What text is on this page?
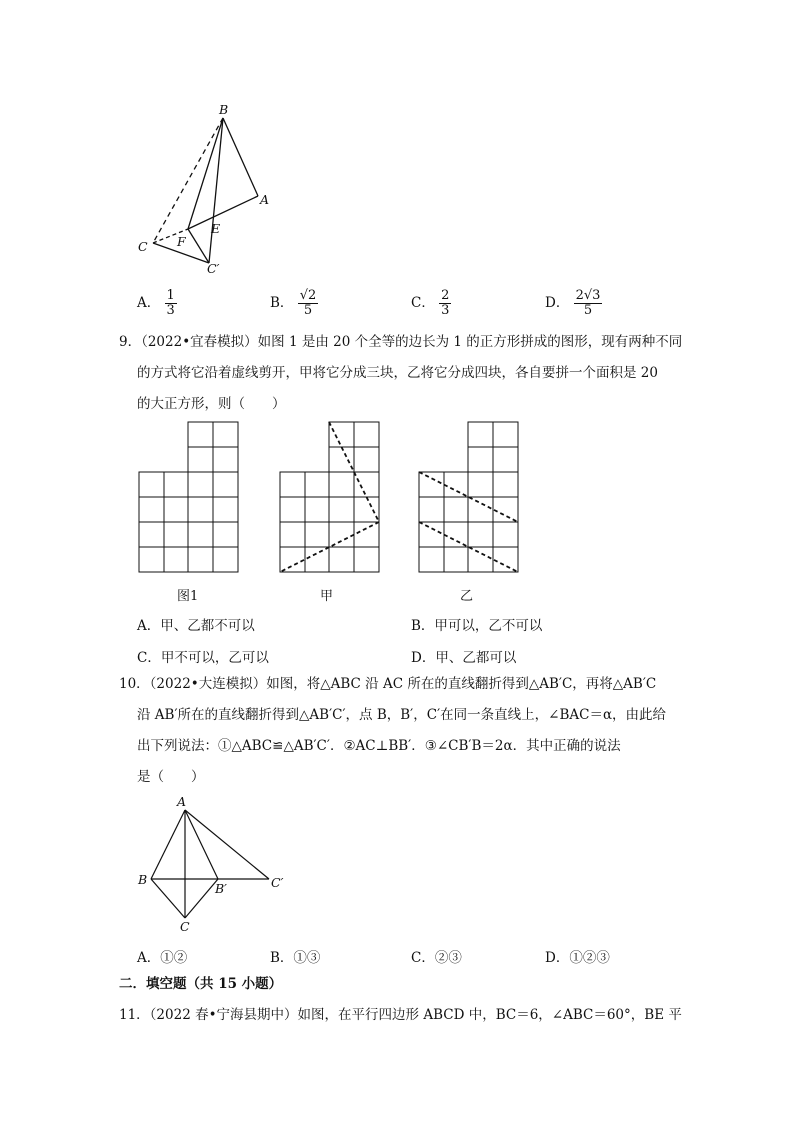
B
A
C F
E
C′
A． $\frac{1}{3}$	B． $\frac{√2}{5}$	C． $\frac{2}{3}$	D． $\frac{2√3}{5}$
9．（2022•宜春模拟）如图 1 是由 20 个全等的边长为 1 的正方形拼成的图形，现有两种不同
的方式将它沿着虚线剪开，甲将它分成三块，乙将它分成四块，各自要拼一个面积是 20
的大正方形，则（　　）
图1	甲	乙
A．甲、乙都不可以	B．甲可以，乙不可以
C．甲不可以，乙可以	D．甲、乙都可以
10．（2022•大连模拟）如图，将△ABC 沿 AC 所在的直线翻折得到△AB′C，再将△AB′C
沿 AB′所在的直线翻折得到△AB′C′，点 B，B′，C′在同一条直线上，∠BAC＝α，由此给
出下列说法：①△ABC≌△AB′C′．②AC⊥BB′．③∠CB′B＝2α．其中正确的说法
是（　　）
A
B
B′	C′
C
A．①②	B．①③	C．②③	D．①②③
二．填空题（共 15 小题）
11．（2022 春•宁海县期中）如图，在平行四边形 ABCD 中，BC＝6，∠ABC＝60°，BE 平
